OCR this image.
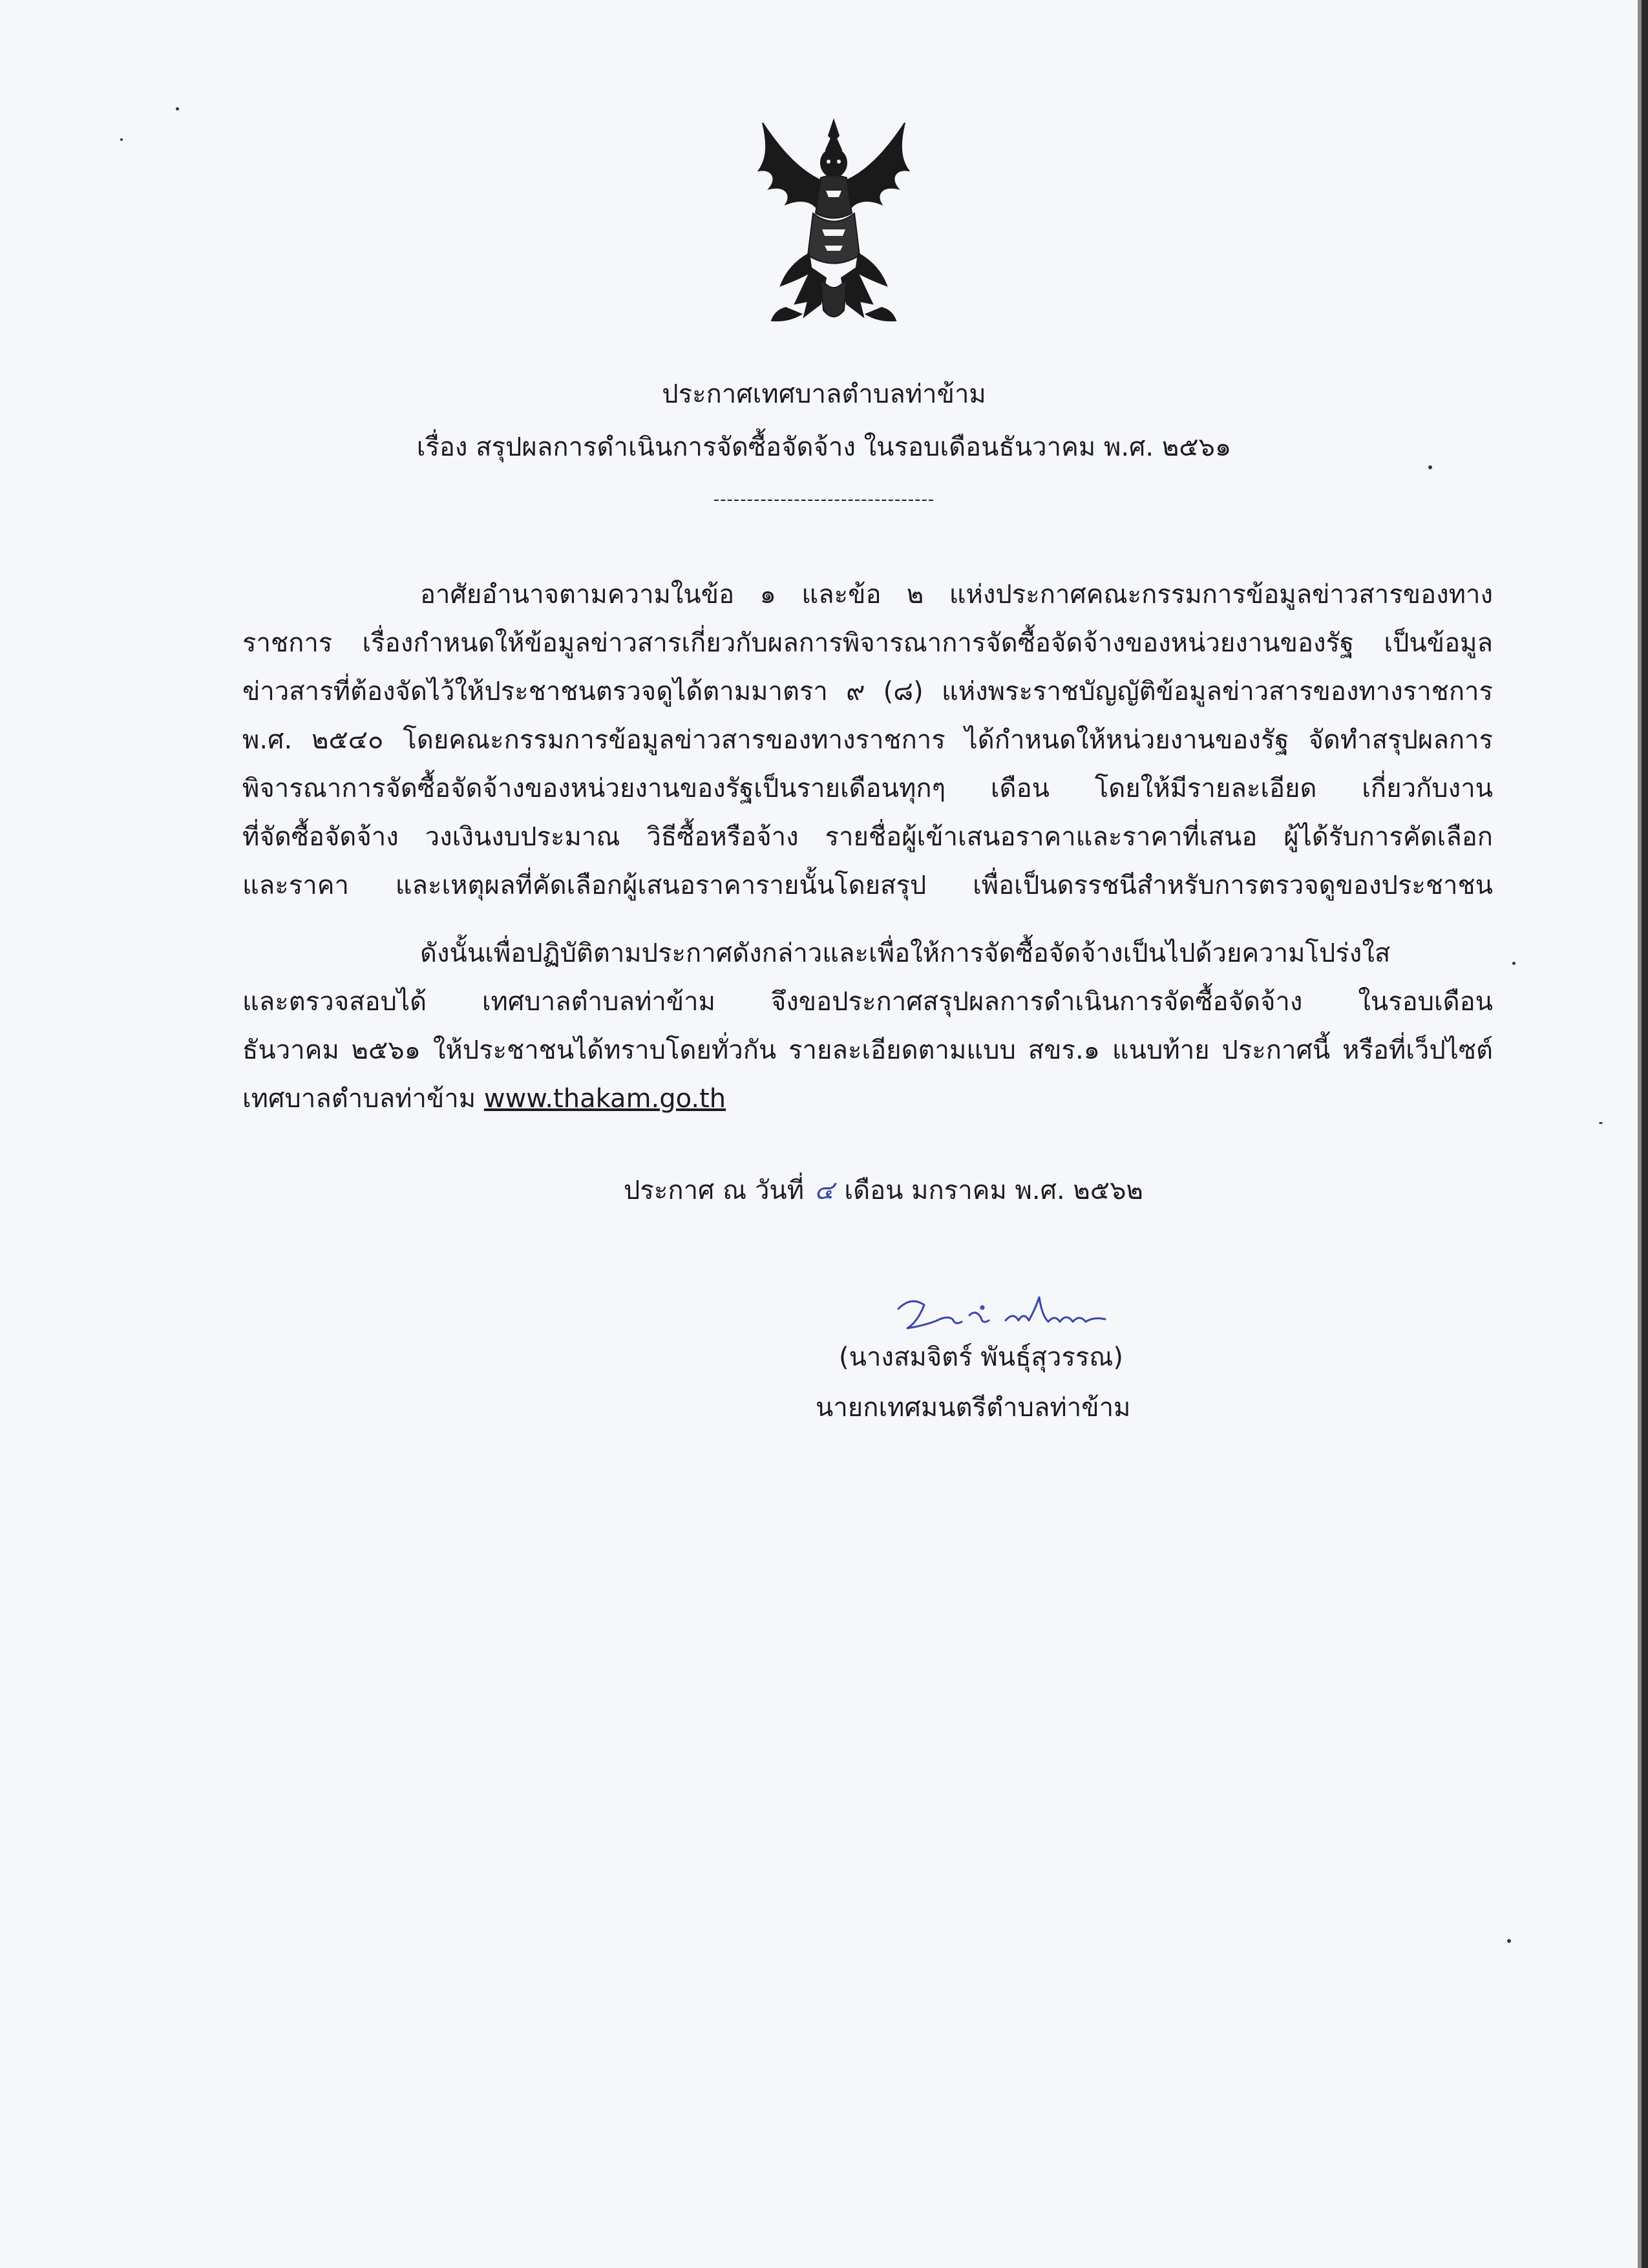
ประกาศเทศบาลตำบลท่าข้าม
เรื่อง สรุปผลการดำเนินการจัดซื้อจัดจ้าง ในรอบเดือนธันวาคม พ.ศ. ๒๕๖๑
---------------------------------
อาศัยอำนาจตามความในข้อ ๑ และข้อ ๒ แห่งประกาศคณะกรรมการข้อมูลข่าวสารของทาง
ราชการ เรื่องกำหนดให้ข้อมูลข่าวสารเกี่ยวกับผลการพิจารณาการจัดซื้อจัดจ้างของหน่วยงานของรัฐ เป็นข้อมูล
ข่าวสารที่ต้องจัดไว้ให้ประชาชนตรวจดูได้ตามมาตรา ๙ (๘) แห่งพระราชบัญญัติข้อมูลข่าวสารของทางราชการ
พ.ศ. ๒๕๔๐ โดยคณะกรรมการข้อมูลข่าวสารของทางราชการ ได้กำหนดให้หน่วยงานของรัฐ จัดทำสรุปผลการ
พิจารณาการจัดซื้อจัดจ้างของหน่วยงานของรัฐเป็นรายเดือนทุกๆ เดือน โดยให้มีรายละเอียด เกี่ยวกับงาน
ที่จัดซื้อจัดจ้าง วงเงินงบประมาณ วิธีซื้อหรือจ้าง รายชื่อผู้เข้าเสนอราคาและราคาที่เสนอ ผู้ได้รับการคัดเลือก
และราคา และเหตุผลที่คัดเลือกผู้เสนอราคารายนั้นโดยสรุป เพื่อเป็นดรรชนีสำหรับการตรวจดูของประชาชน
ดังนั้นเพื่อปฏิบัติตามประกาศดังกล่าวและเพื่อให้การจัดซื้อจัดจ้างเป็นไปด้วยความโปร่งใส
และตรวจสอบได้ เทศบาลตำบลท่าข้าม จึงขอประกาศสรุปผลการดำเนินการจัดซื้อจัดจ้าง ในรอบเดือน
ธันวาคม ๒๕๖๑ ให้ประชาชนได้ทราบโดยทั่วกัน รายละเอียดตามแบบ สขร.๑ แนบท้าย ประกาศนี้ หรือที่เว็ปไซต์
เทศบาลตำบลท่าข้าม www.thakam.go.th
ประกาศ ณ วันที่ ๔ เดือน มกราคม พ.ศ. ๒๕๖๒
(นางสมจิตร์ พันธุ์สุวรรณ)
นายกเทศมนตรีตำบลท่าข้าม
